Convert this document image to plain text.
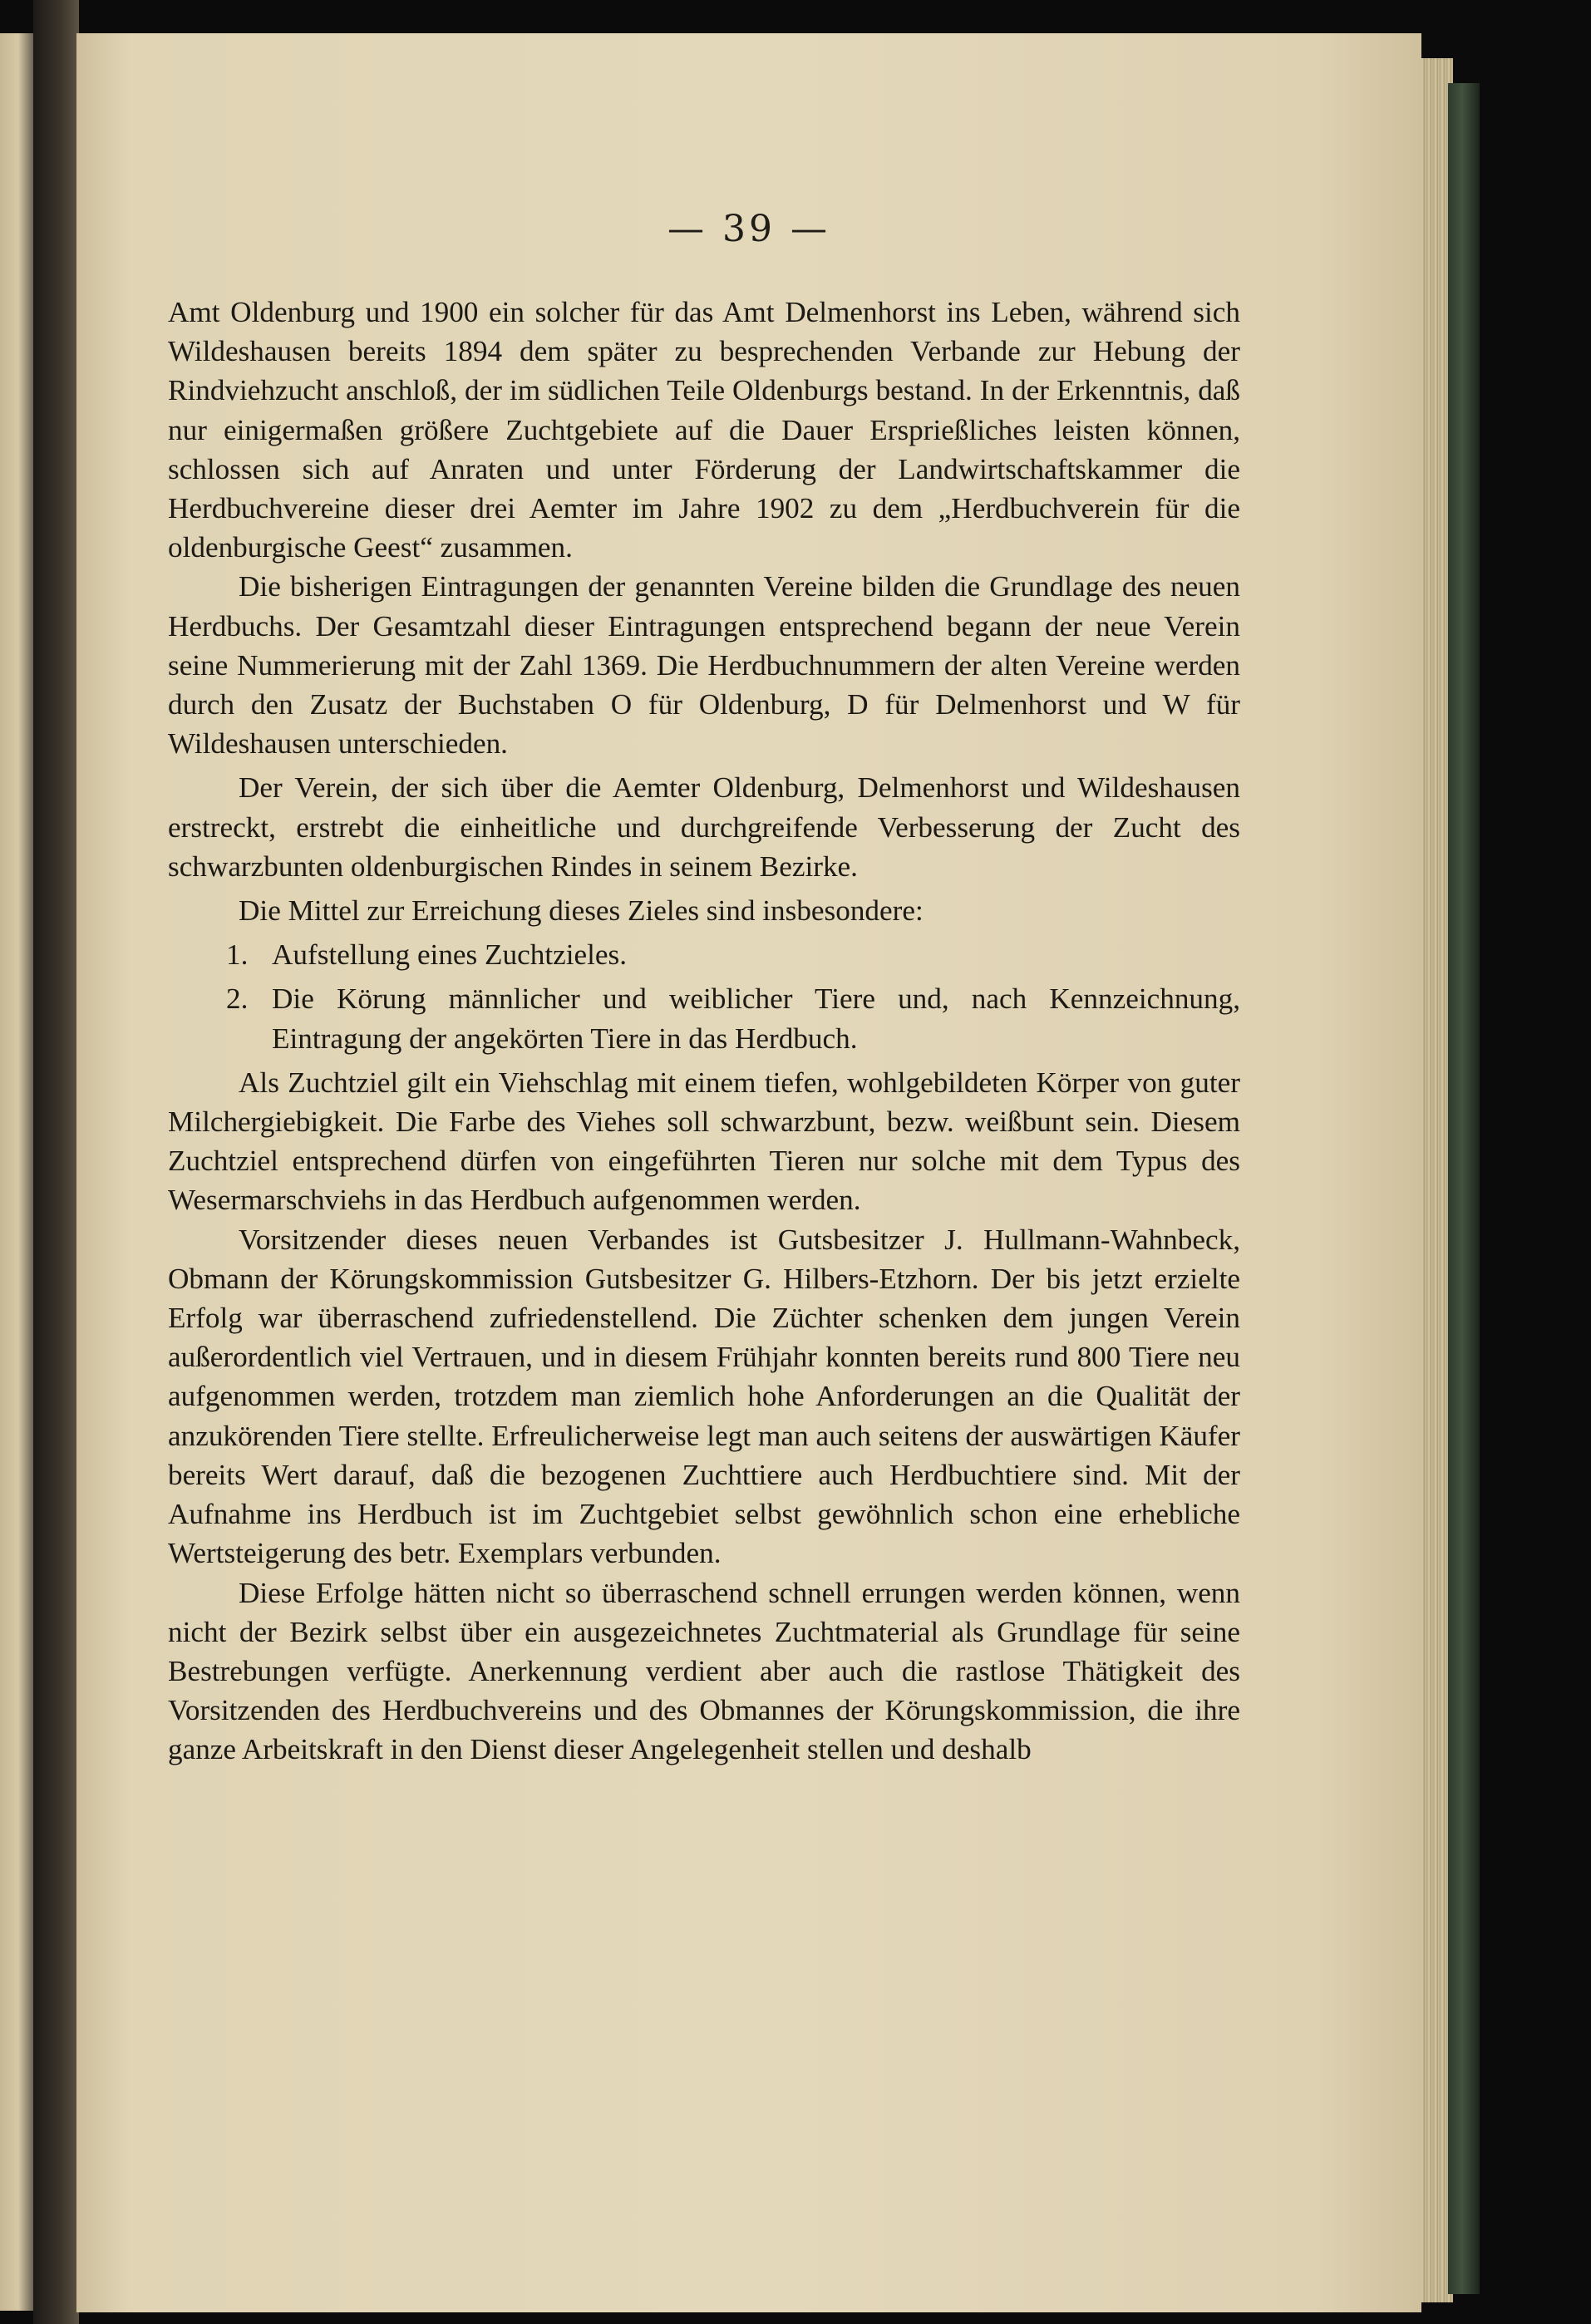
— 39 —

Amt Oldenburg und 1900 ein solcher für das Amt Delmenhorst ins Leben, während sich Wildeshausen bereits 1894 dem später zu besprechenden Verbande zur Hebung der Rindviehzucht anschloß, der im südlichen Teile Oldenburgs bestand. In der Erkenntnis, daß nur einigermaßen größere Zuchtgebiete auf die Dauer Ersprießliches leisten können, schlossen sich auf Anraten und unter Förderung der Landwirtschaftskammer die Herdbuchvereine dieser drei Aemter im Jahre 1902 zu dem „Herdbuchverein für die oldenburgische Geest“ zusammen.

Die bisherigen Eintragungen der genannten Vereine bilden die Grundlage des neuen Herdbuchs. Der Gesamtzahl dieser Eintragungen entsprechend begann der neue Verein seine Nummerierung mit der Zahl 1369. Die Herdbuchnummern der alten Vereine werden durch den Zusatz der Buchstaben O für Oldenburg, D für Delmenhorst und W für Wildeshausen unterschieden.

Der Verein, der sich über die Aemter Oldenburg, Delmenhorst und Wildeshausen erstreckt, erstrebt die einheitliche und durchgreifende Verbesserung der Zucht des schwarzbunten oldenburgischen Rindes in seinem Bezirke.

Die Mittel zur Erreichung dieses Zieles sind insbesondere:

1. Aufstellung eines Zuchtzieles.

2. Die Körung männlicher und weiblicher Tiere und, nach Kennzeichnung, Eintragung der angekörten Tiere in das Herdbuch.

Als Zuchtziel gilt ein Viehschlag mit einem tiefen, wohlgebildeten Körper von guter Milchergiebigkeit. Die Farbe des Viehes soll schwarzbunt, bezw. weißbunt sein. Diesem Zuchtziel entsprechend dürfen von eingeführten Tieren nur solche mit dem Typus des Wesermarschviehs in das Herdbuch aufgenommen werden.

Vorsitzender dieses neuen Verbandes ist Gutsbesitzer J. Hullmann-Wahnbeck, Obmann der Körungskommission Gutsbesitzer G. Hilbers-Etzhorn. Der bis jetzt erzielte Erfolg war überraschend zufriedenstellend. Die Züchter schenken dem jungen Verein außerordentlich viel Vertrauen, und in diesem Frühjahr konnten bereits rund 800 Tiere neu aufgenommen werden, trotzdem man ziemlich hohe Anforderungen an die Qualität der anzukörenden Tiere stellte. Erfreulicherweise legt man auch seitens der auswärtigen Käufer bereits Wert darauf, daß die bezogenen Zuchttiere auch Herdbuchtiere sind. Mit der Aufnahme ins Herdbuch ist im Zuchtgebiet selbst gewöhnlich schon eine erhebliche Wertsteigerung des betr. Exemplars verbunden.

Diese Erfolge hätten nicht so überraschend schnell errungen werden können, wenn nicht der Bezirk selbst über ein ausgezeichnetes Zuchtmaterial als Grundlage für seine Bestrebungen verfügte. Anerkennung verdient aber auch die rastlose Thätigkeit des Vorsitzenden des Herdbuchvereins und des Obmannes der Körungskommission, die ihre ganze Arbeitskraft in den Dienst dieser Angelegenheit stellen und deshalb
